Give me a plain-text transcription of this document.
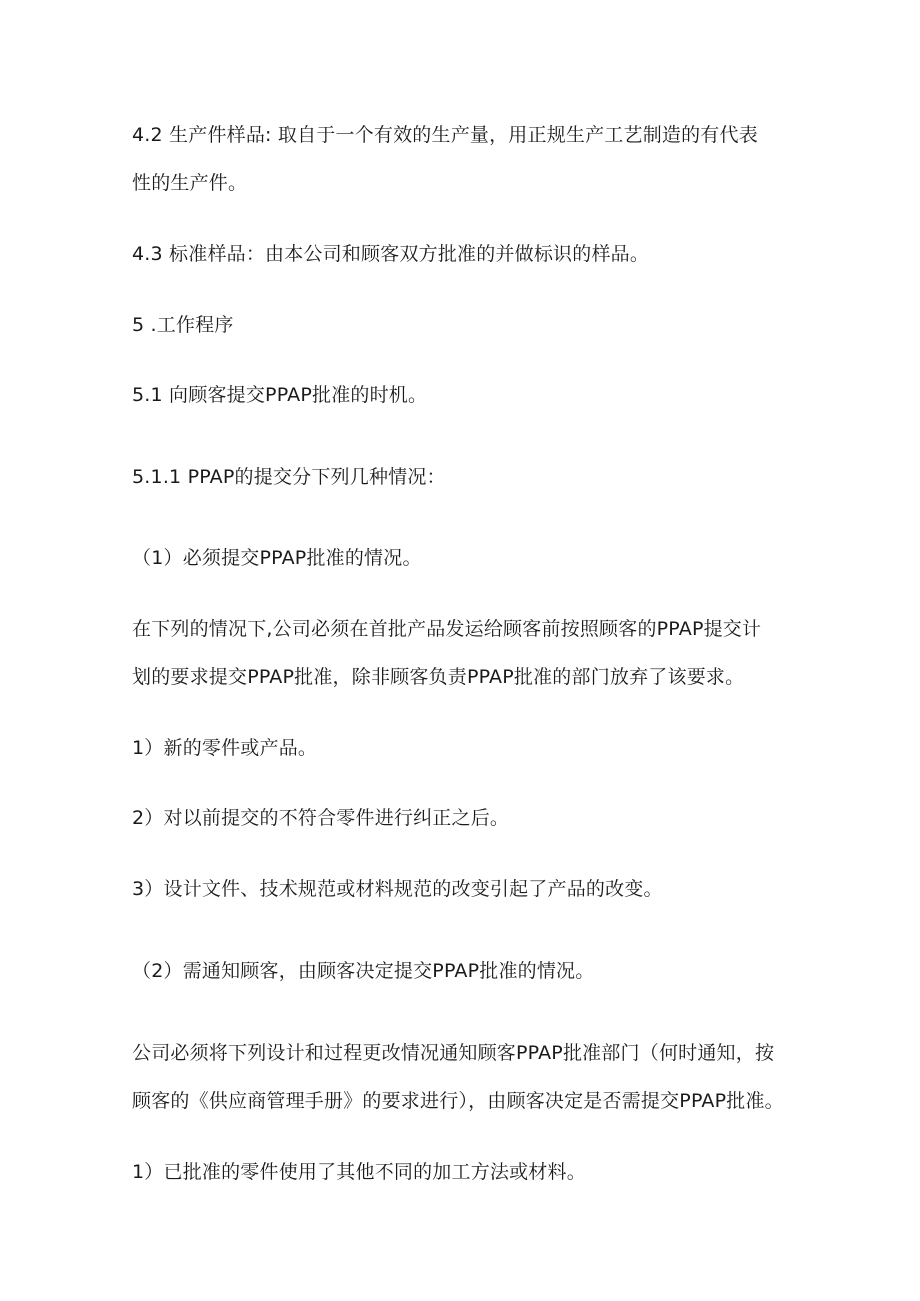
4.2 生产件样品: 取自于一个有效的生产量，用正规生产工艺制造的有代表
性的生产件。
4.3 标准样品：由本公司和顾客双方批准的并做标识的样品。
5 .工作程序
5.1 向顾客提交PPAP批准的时机。
5.1.1 PPAP的提交分下列几种情况：
（1）必须提交PPAP批准的情况。
在下列的情况下,公司必须在首批产品发运给顾客前按照顾客的PPAP提交计
划的要求提交PPAP批准，除非顾客负责PPAP批准的部门放弃了该要求。
1）新的零件或产品。
2）对以前提交的不符合零件进行纠正之后。
3）设计文件、技术规范或材料规范的改变引起了产品的改变。
（2）需通知顾客，由顾客决定提交PPAP批准的情况。
公司必须将下列设计和过程更改情况通知顾客PPAP批准部门（何时通知，按
顾客的《供应商管理手册》的要求进行），由顾客决定是否需提交PPAP批准。
1）已批准的零件使用了其他不同的加工方法或材料。
